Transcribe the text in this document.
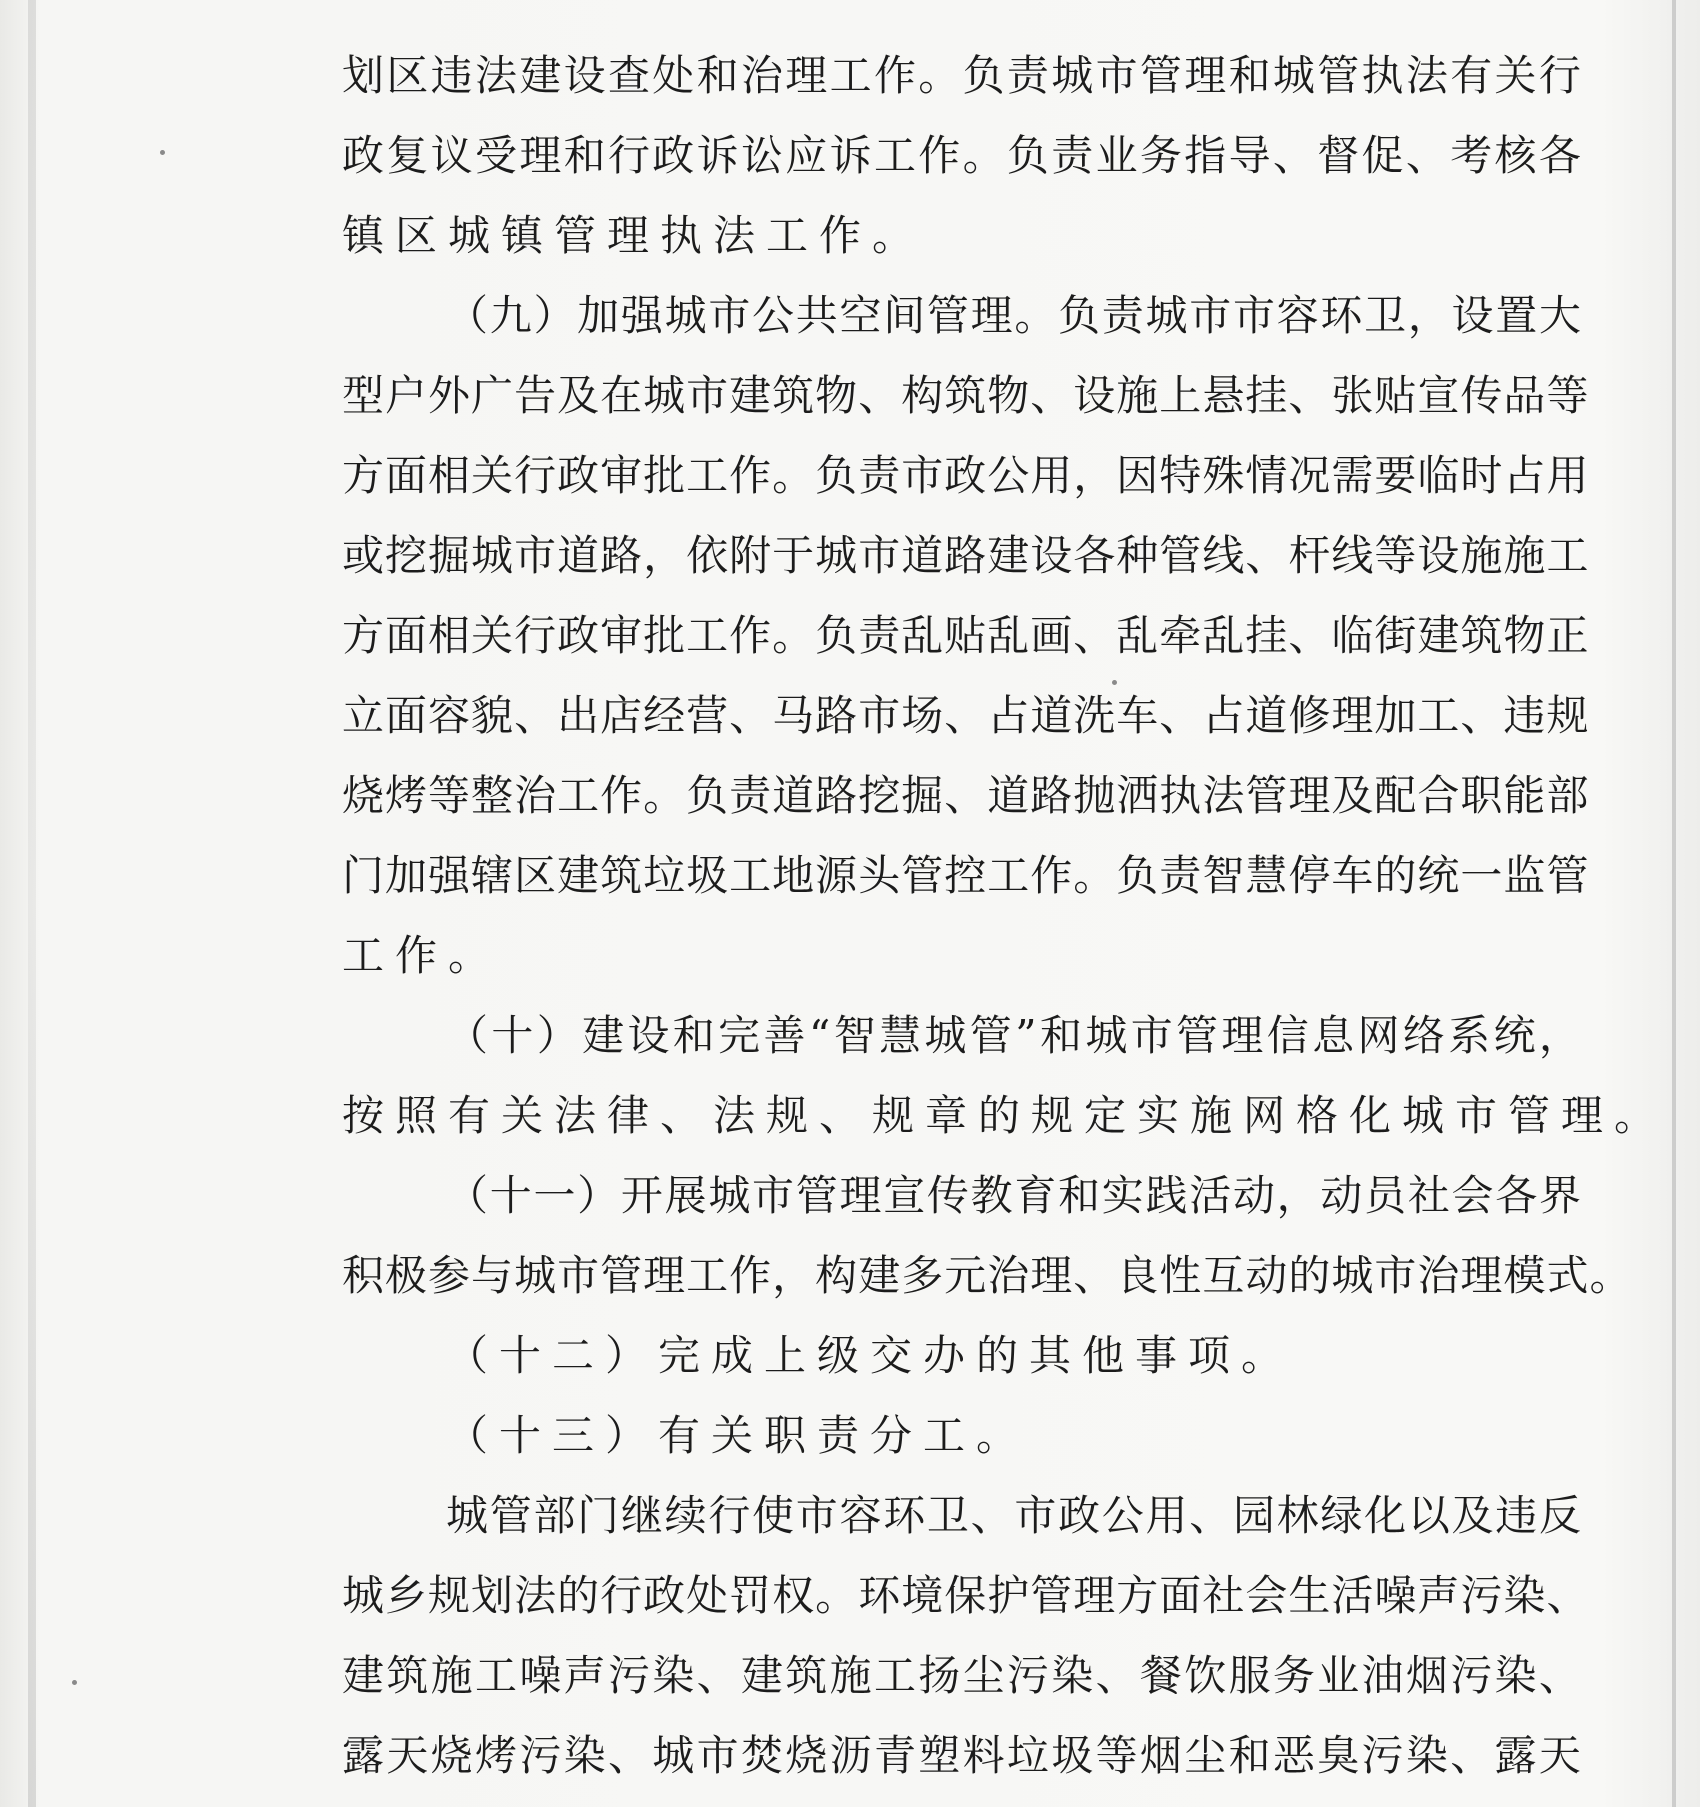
划 区 违 法 建 设 查 处 和 治 理 工 作 。 负 责 城 市 管 理 和 城 管 执 法 有 关 行
政 复 议 受 理 和 行 政 诉 讼 应 诉 工 作 。 负 责 业 务 指 导 、 督 促 、 考 核 各
镇区城镇管理执法工作。
（ 九 ） 加 强 城 市 公 共 空 间 管 理 。 负 责 城 市 市 容 环 卫 ， 设 置 大
型 户 外 广 告 及 在 城 市 建 筑 物 、 构 筑 物 、 设 施 上 悬 挂 、 张 贴 宣 传 品 等
方 面 相 关 行 政 审 批 工 作 。 负 责 市 政 公 用 ， 因 特 殊 情 况 需 要 临 时 占 用
或 挖 掘 城 市 道 路 ， 依 附 于 城 市 道 路 建 设 各 种 管 线 、 杆 线 等 设 施 施 工
方 面 相 关 行 政 审 批 工 作 。 负 责 乱 贴 乱 画 、 乱 牵 乱 挂 、 临 街 建 筑 物 正
立 面 容 貌 、 出 店 经 营 、 马 路 市 场 、 占 道 洗 车 、 占 道 修 理 加 工 、 违 规
烧 烤 等 整 治 工 作 。 负 责 道 路 挖 掘 、 道 路 抛 洒 执 法 管 理 及 配 合 职 能 部
门 加 强 辖 区 建 筑 垃 圾 工 地 源 头 管 控 工 作 。 负 责 智 慧 停 车 的 统 一 监 管
工作。
（ 十 ） 建 设 和 完 善 “ 智 慧 城 管 ” 和 城 市 管 理 信 息 网 络 系 统 ，
按照有关法律、法规、规章的规定实施网格化城市管理。
（ 十 一 ） 开 展 城 市 管 理 宣 传 教 育 和 实 践 活 动 ， 动 员 社 会 各 界
积 极 参 与 城 市 管 理 工 作 ， 构 建 多 元 治 理 、 良 性 互 动 的 城 市 治 理 模 式 。
（十二）完成上级交办的其他事项。
（十三）有关职责分工。
城 管 部 门 继 续 行 使 市 容 环 卫 、 市 政 公 用 、 园 林 绿 化 以 及 违 反
城 乡 规 划 法 的 行 政 处 罚 权 。 环 境 保 护 管 理 方 面 社 会 生 活 噪 声 污 染 、
建 筑 施 工 噪 声 污 染 、 建 筑 施 工 扬 尘 污 染 、 餐 饮 服 务 业 油 烟 污 染 、
露 天 烧 烤 污 染 、 城 市 焚 烧 沥 青 塑 料 垃 圾 等 烟 尘 和 恶 臭 污 染 、 露 天
